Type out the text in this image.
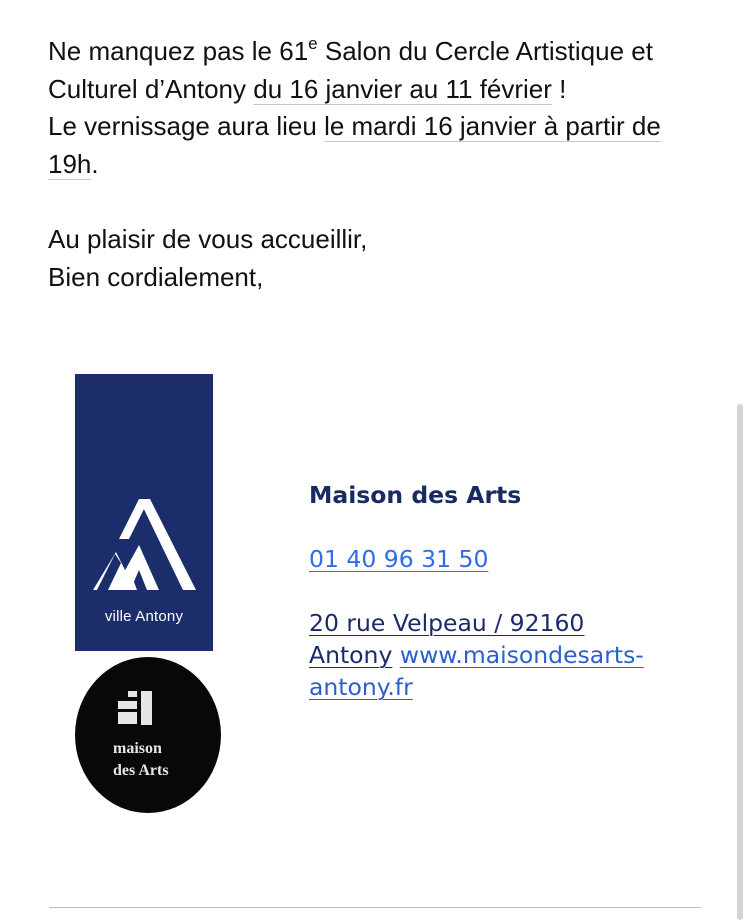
Ne manquez pas le 61e Salon du Cercle Artistique et Culturel d’Antony du 16 janvier au 11 février !

Le vernissage aura lieu le mardi 16 janvier à partir de 19h.

Au plaisir de vous accueillir,

Bien cordialement,

ville Antony
maison
des Arts
Maison des Arts
01 40 96 31 50
20 rue Velpeau / 92160 Antony www.maisondesarts-antony.fr
